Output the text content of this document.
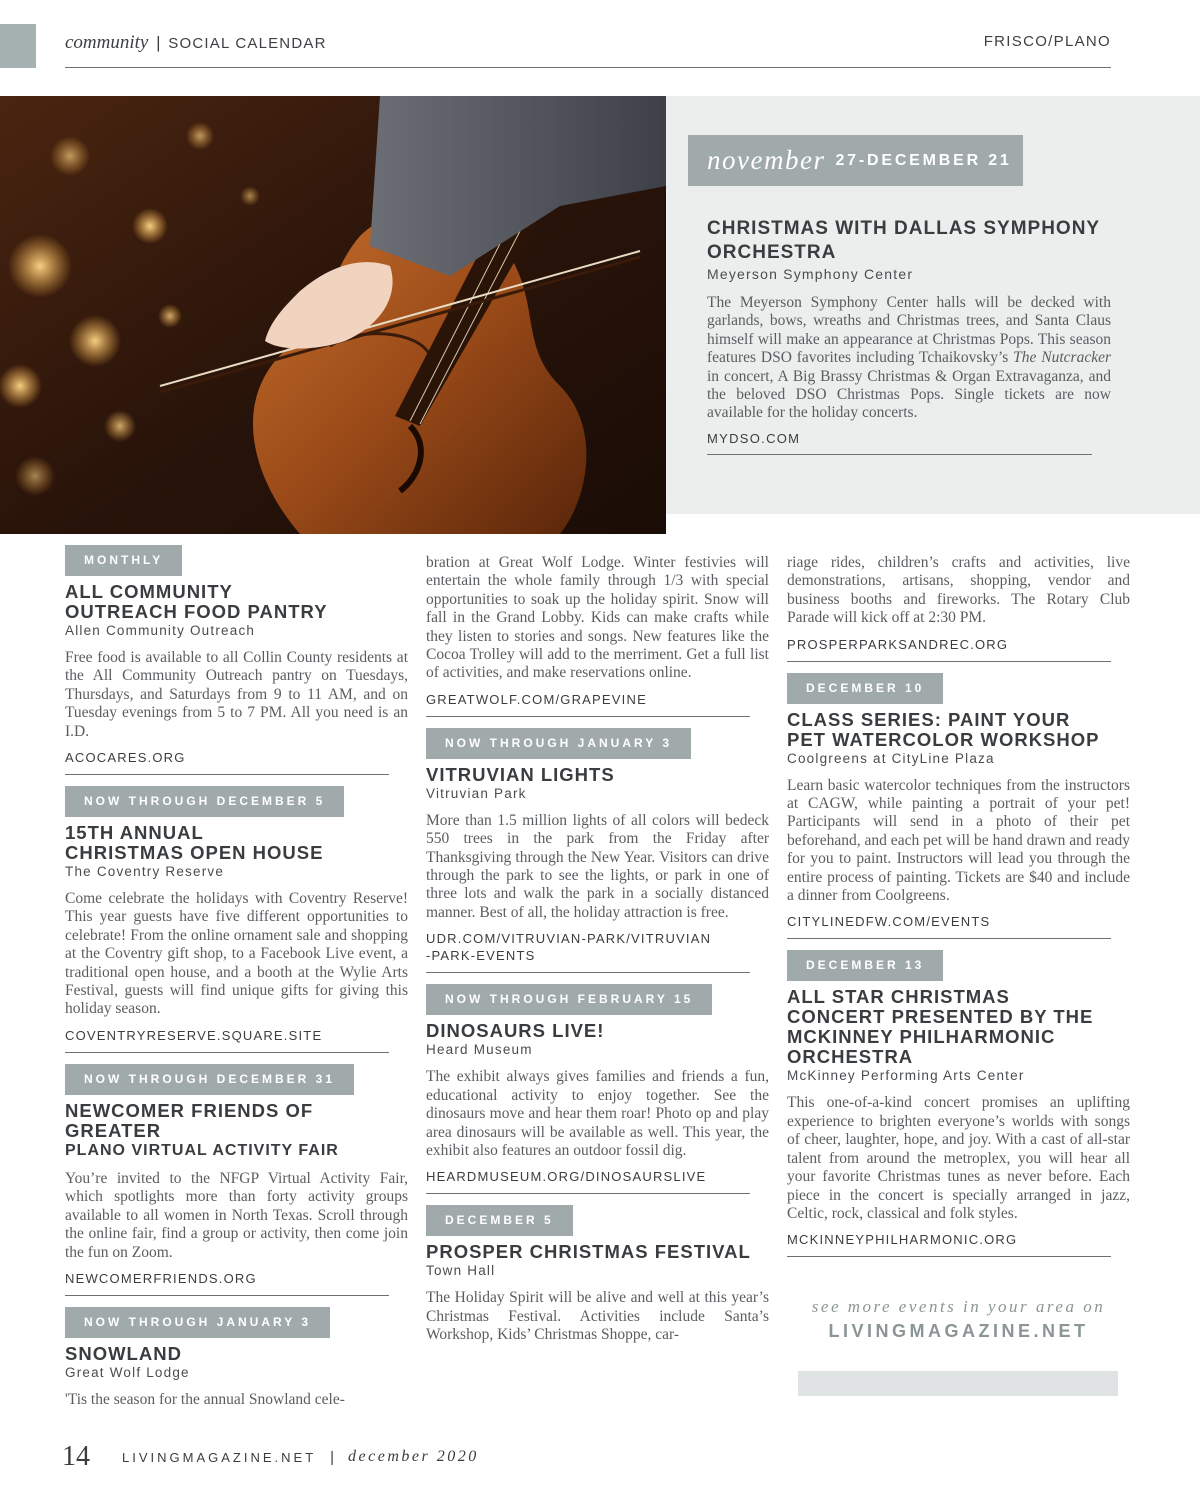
community | SOCIAL CALENDAR	FRISCO/PLANO
november 27-DECEMBER 21
CHRISTMAS WITH DALLAS SYMPHONY ORCHESTRA
Meyerson Symphony Center
The Meyerson Symphony Center halls will be decked with garlands, bows, wreaths and Christmas trees, and Santa Claus himself will make an appearance at Christmas Pops. This season features DSO favorites including Tchaikovsky’s The Nutcracker in concert, A Big Brassy Christmas & Organ Extravaganza, and the beloved DSO Christmas Pops. Single tickets are now available for the holiday concerts.
MYDSO.COM
MONTHLY
ALL COMMUNITY OUTREACH FOOD PANTRY
Allen Community Outreach
Free food is available to all Collin County residents at the All Community Outreach pantry on Tuesdays, Thursdays, and Saturdays from 9 to 11 AM, and on Tuesday evenings from 5 to 7 PM. All you need is an I.D.
ACOCARES.ORG
NOW THROUGH DECEMBER 5
15TH ANNUAL CHRISTMAS OPEN HOUSE
The Coventry Reserve
Come celebrate the holidays with Coventry Reserve! This year guests have five different opportunities to celebrate! From the online ornament sale and shopping at the Coventry gift shop, to a Facebook Live event, a traditional open house, and a booth at the Wylie Arts Festival, guests will find unique gifts for giving this holiday season.
COVENTRYRESERVE.SQUARE.SITE
NOW THROUGH DECEMBER 31
NEWCOMER FRIENDS OF GREATER
PLANO VIRTUAL ACTIVITY FAIR
You’re invited to the NFGP Virtual Activity Fair, which spotlights more than forty activity groups available to all women in North Texas. Scroll through the online fair, find a group or activity, then come join the fun on Zoom.
NEWCOMERFRIENDS.ORG
NOW THROUGH JANUARY 3
SNOWLAND
Great Wolf Lodge
'Tis the season for the annual Snowland cele-
bration at Great Wolf Lodge. Winter festivies will entertain the whole family through 1/3 with special opportunities to soak up the holiday spirit. Snow will fall in the Grand Lobby. Kids can make crafts while they listen to stories and songs. New features like the Cocoa Trolley will add to the merriment. Get a full list of activities, and make reservations online.
GREATWOLF.COM/GRAPEVINE
NOW THROUGH JANUARY 3
VITRUVIAN LIGHTS
Vitruvian Park
More than 1.5 million lights of all colors will bedeck 550 trees in the park from the Friday after Thanksgiving through the New Year. Visitors can drive through the park to see the lights, or park in one of three lots and walk the park in a socially distanced manner. Best of all, the holiday attraction is free.
UDR.COM/VITRUVIAN-PARK/VITRUVIAN
-PARK-EVENTS
NOW THROUGH FEBRUARY 15
DINOSAURS LIVE!
Heard Museum
The exhibit always gives families and friends a fun, educational activity to enjoy together. See the dinosaurs move and hear them roar! Photo op and play area dinosaurs will be available as well. This year, the exhibit also features an outdoor fossil dig.
HEARDMUSEUM.ORG/DINOSAURSLIVE
DECEMBER 5
PROSPER CHRISTMAS FESTIVAL
Town Hall
The Holiday Spirit will be alive and well at this year’s Christmas Festival. Activities include Santa’s Workshop, Kids’ Christmas Shoppe, car-
riage rides, children’s crafts and activities, live demonstrations, artisans, shopping, vendor and business booths and fireworks. The Rotary Club Parade will kick off at 2:30 PM.
PROSPERPARKSANDREC.ORG
DECEMBER 10
CLASS SERIES: PAINT YOUR PET WATERCOLOR WORKSHOP
Coolgreens at CityLine Plaza
Learn basic watercolor techniques from the instructors at CAGW, while painting a portrait of your pet! Participants will send in a photo of their pet beforehand, and each pet will be hand drawn and ready for you to paint. Instructors will lead you through the entire process of painting. Tickets are $40 and include a dinner from Coolgreens.
CITYLINEDFW.COM/EVENTS
DECEMBER 13
ALL STAR CHRISTMAS CONCERT PRESENTED BY THE MCKINNEY PHILHARMONIC ORCHESTRA
McKinney Performing Arts Center
This one-of-a-kind concert promises an uplifting experience to brighten everyone’s worlds with songs of cheer, laughter, hope, and joy. With a cast of all-star talent from around the metroplex, you will hear all your favorite Christmas tunes as never before. Each piece in the concert is specially arranged in jazz, Celtic, rock, classical and folk styles.
MCKINNEYPHILHARMONIC.ORG
see more events in your area on
LIVINGMAGAZINE.NET
14 LIVINGMAGAZINE.NET | december 2020
